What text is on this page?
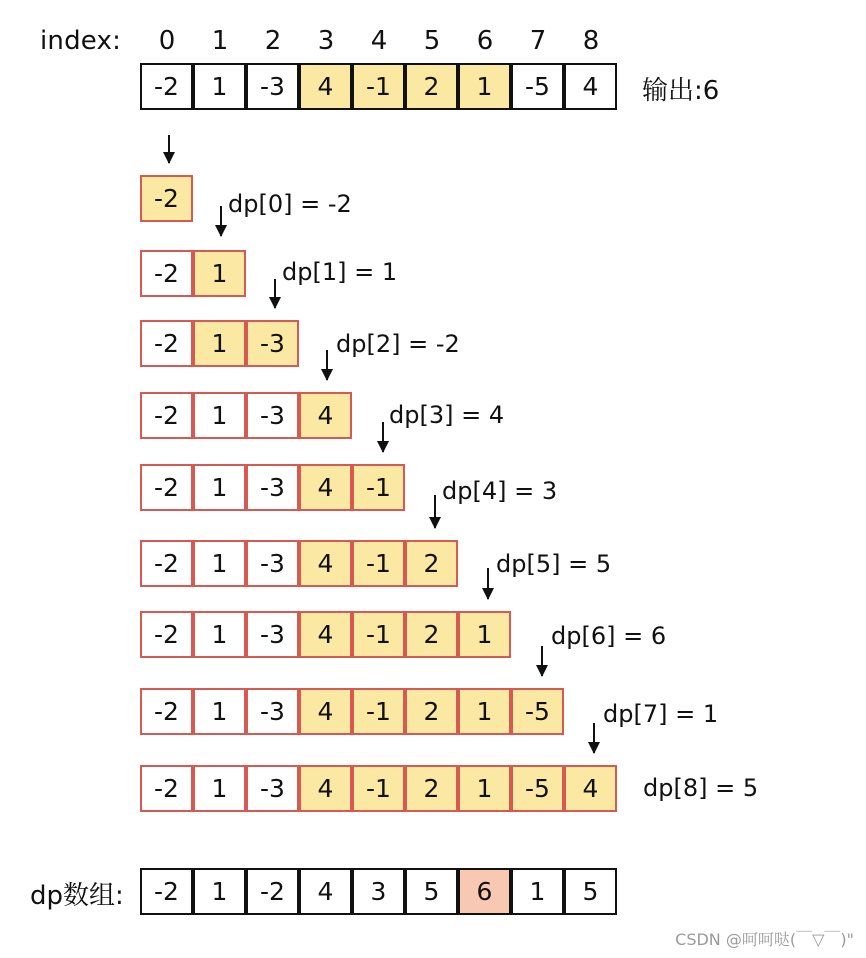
index:	0	1	2	3	4	5	6	7	8
-2	1	-3	4	-1	2	1	-5	4	输出:6
-2	dp[0] = -2
-2	1	dp[1] = 1
-2	1	-3	dp[2] = -2
-2	1	-3	4	dp[3] = 4
-2	1	-3	4	-1	dp[4] = 3
-2	1	-3	4	-1	2	dp[5] = 5
-2	1	-3	4	-1	2	1	dp[6] = 6
-2	1	-3	4	-1	2	1	-5	dp[7] = 1
-2	1	-3	4	-1	2	1	-5	4	dp[8] = 5
dp数组:	-2	1	-2	4	3	5	6	1	5
CSDN @呵呵哒(￣▽￣)"
